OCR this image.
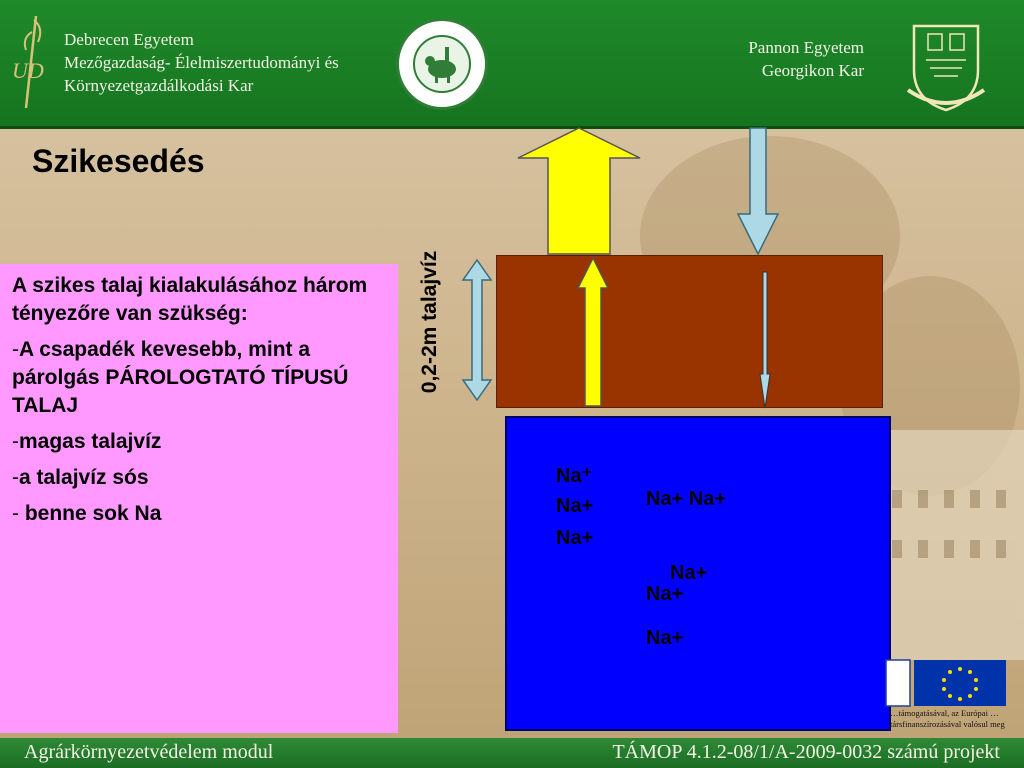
UD
Debrecen Egyetem
Mezőgazdaság- Élelmiszertudományi és
Környezetgazdálkodási Kar
Pannon Egyetem
Georgikon Kar
Szikesedés

A szikes talaj kialakulásához három tényezőre van szükség:

-A csapadék kevesebb, mint a párolgás PÁROLOGTATÓ TÍPUSÚ TALAJ

-magas talajvíz

-a talajvíz sós

- benne sok Na

0,2-2m talajvíz
Na⁺
Na+
Na+
Na+ Na+
Na+
Na+
Na+
…támogatásával, az Európai …társfinanszírozásával valósul meg
Agrárkörnyezetvédelem modul	TÁMOP 4.1.2-08/1/A-2009-0032 számú projekt
